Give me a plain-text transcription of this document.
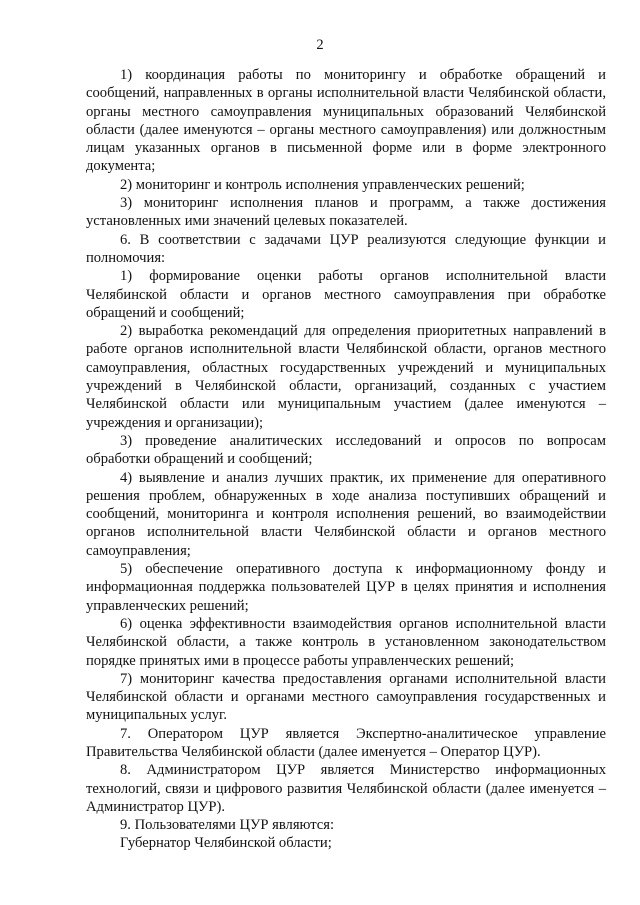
2

1) координация работы по мониторингу и обработке обращений и сообщений, направленных в органы исполнительной власти Челябинской области, органы местного самоуправления муниципальных образований Челябинской области (далее именуются – органы местного самоуправления) или должностным лицам указанных органов в письменной форме или в форме электронного документа;

2) мониторинг и контроль исполнения управленческих решений;

3) мониторинг исполнения планов и программ, а также достижения установленных ими значений целевых показателей.

6. В соответствии с задачами ЦУР реализуются следующие функции и полномочия:

1) формирование оценки работы органов исполнительной власти Челябинской области и органов местного самоуправления при обработке обращений и сообщений;

2) выработка рекомендаций для определения приоритетных направлений в работе органов исполнительной власти Челябинской области, органов местного самоуправления, областных государственных учреждений и муниципальных учреждений в Челябинской области, организаций, созданных с участием Челябинской области или муниципальным участием (далее именуются – учреждения и организации);

3) проведение аналитических исследований и опросов по вопросам обработки обращений и сообщений;

4) выявление и анализ лучших практик, их применение для оперативного решения проблем, обнаруженных в ходе анализа поступивших обращений и сообщений, мониторинга и контроля исполнения решений, во взаимодействии органов исполнительной власти Челябинской области и органов местного самоуправления;

5) обеспечение оперативного доступа к информационному фонду и информационная поддержка пользователей ЦУР в целях принятия и исполнения управленческих решений;

6) оценка эффективности взаимодействия органов исполнительной власти Челябинской области, а также контроль в установленном законодательством порядке принятых ими в процессе работы управленческих решений;

7) мониторинг качества предоставления органами исполнительной власти Челябинской области и органами местного самоуправления государственных и муниципальных услуг.

7. Оператором ЦУР является Экспертно-аналитическое управление Правительства Челябинской области (далее именуется – Оператор ЦУР).

8. Администратором ЦУР является Министерство информационных технологий, связи и цифрового развития Челябинской области (далее именуется – Администратор ЦУР).

9. Пользователями ЦУР являются:

Губернатор Челябинской области;
